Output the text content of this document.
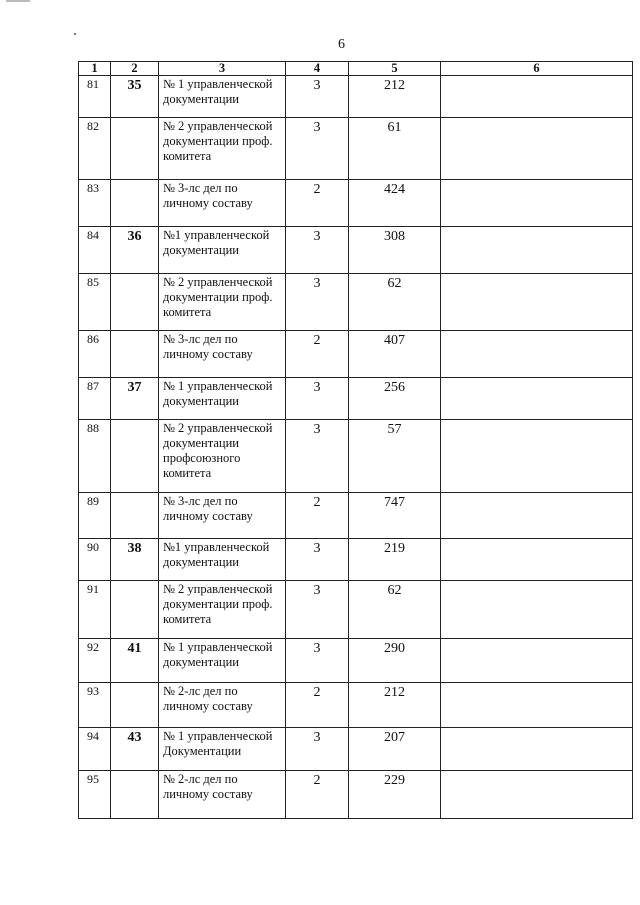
6
1	2	3	4	5	6
81	35	№ 1 управленческой документации	3	212	
82		№ 2 управленческой документации проф. комитета	3	61	
83		№ 3-лс дел по личному составу	2	424	
84	36	№1 управленческой документации	3	308	
85		№ 2 управленческой документации проф. комитета	3	62	
86		№ 3-лс дел по личному составу	2	407	
87	37	№ 1 управленческой документации	3	256	
88		№ 2 управленческой документации профсоюзного комитета	3	57	
89		№ 3-лс дел по личному составу	2	747	
90	38	№1 управленческой документации	3	219	
91		№ 2 управленческой документации проф. комитета	3	62	
92	41	№ 1 управленческой документации	3	290	
93		№ 2-лс дел по личному составу	2	212	
94	43	№ 1 управленческой Документации	3	207	
95		№ 2-лс дел по личному составу	2	229	
